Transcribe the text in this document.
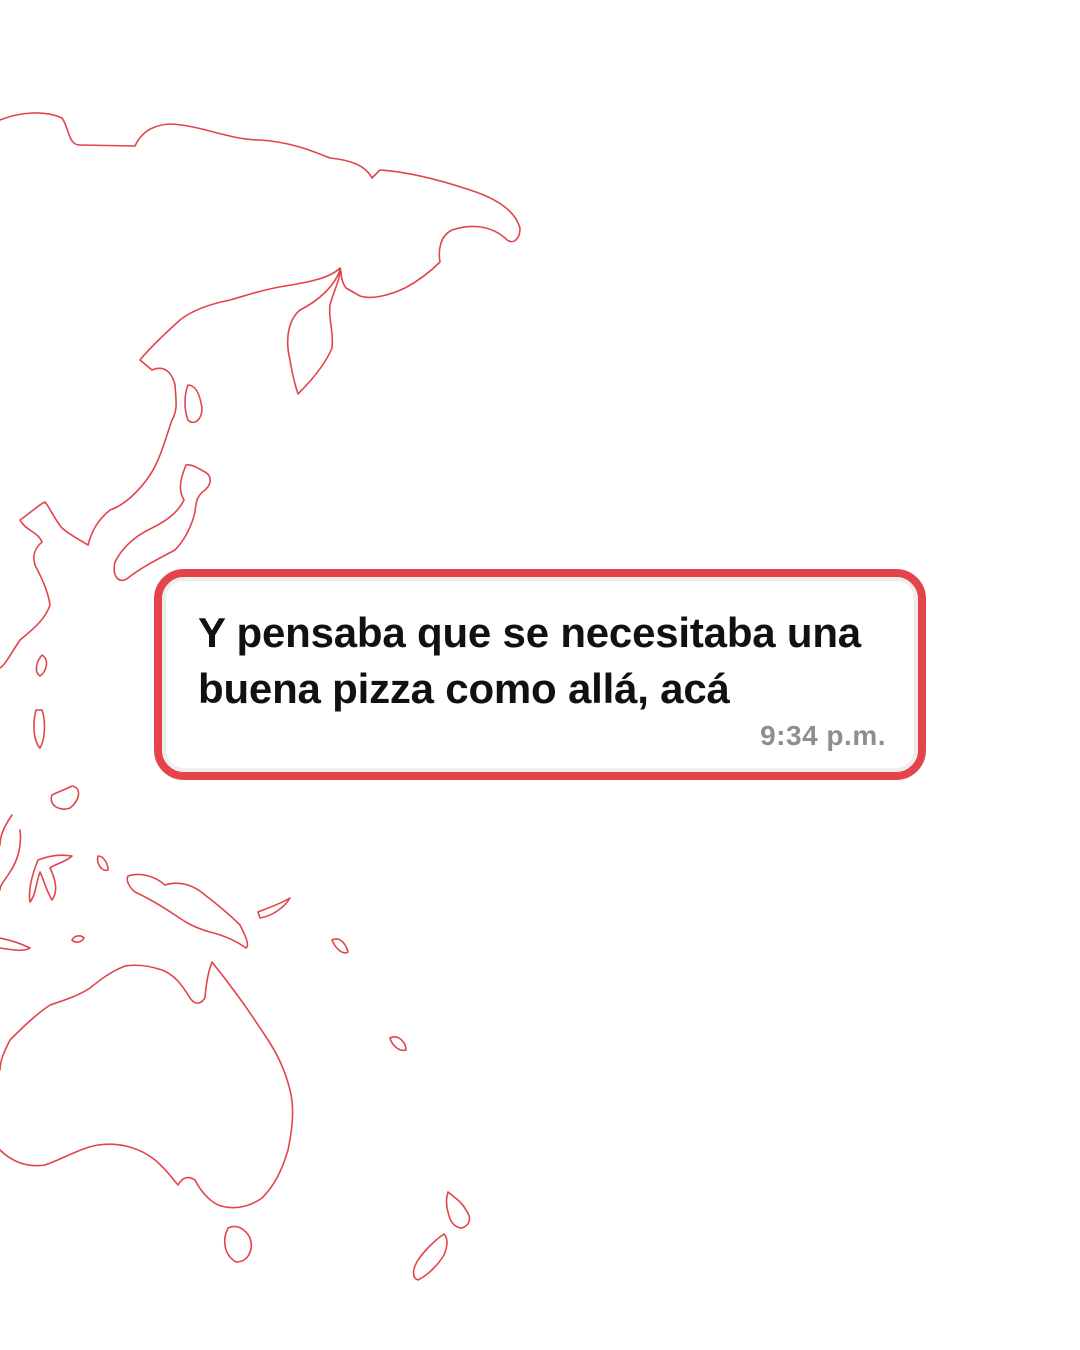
Y pensaba que se necesitaba una buena pizza como allá, acá
9:34 p.m.
